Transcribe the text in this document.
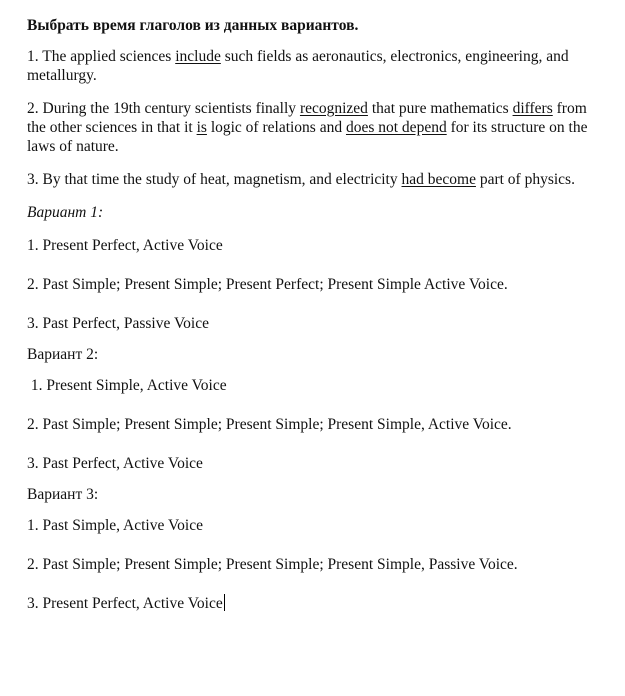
Выбрать время глаголов из данных вариантов.
1. The applied sciences include such fields as aeronautics, electronics, engineering, and metallurgy.
2. During the 19th century scientists finally recognized that pure mathematics differs from the other sciences in that it is logic of relations and does not depend for its structure on the laws of nature.
3. By that time the study of heat, magnetism, and electricity had become part of physics.
Вариант 1:
1. Present Perfect, Active Voice
2. Past Simple; Present Simple; Present Perfect; Present Simple Active Voice.
3. Past Perfect, Passive Voice
Вариант 2:
1. Present Simple, Active Voice
2. Past Simple; Present Simple; Present Simple; Present Simple, Active Voice.
3. Past Perfect, Active Voice
Вариант 3:
1. Past Simple, Active Voice
2. Past Simple; Present Simple; Present Simple; Present Simple, Passive Voice.
3. Present Perfect, Active Voice
